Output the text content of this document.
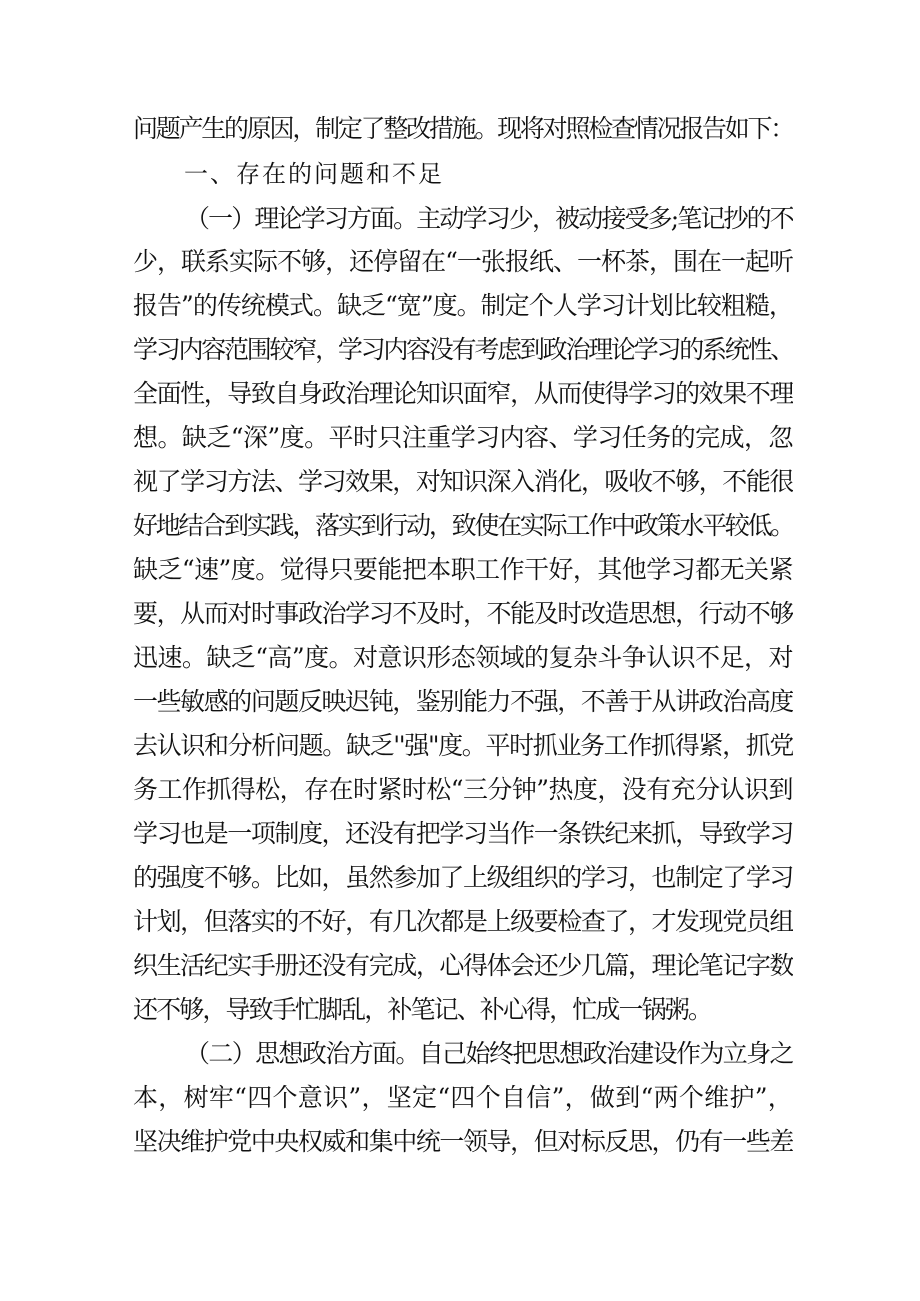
问题产生的原因，制定了整改措施。现将对照检查情况报告如下：
一、存在的问题和不足
（一）理论学习方面。主动学习少，被动接受多;笔记抄的不
少，联系实际不够，还停留在“一张报纸、一杯茶，围在一起听
报告”的传统模式。缺乏“宽”度。制定个人学习计划比较粗糙，
学习内容范围较窄，学习内容没有考虑到政治理论学习的系统性、
全面性，导致自身政治理论知识面窄，从而使得学习的效果不理
想。缺乏“深”度。平时只注重学习内容、学习任务的完成，忽
视了学习方法、学习效果，对知识深入消化，吸收不够，不能很
好地结合到实践，落实到行动，致使在实际工作中政策水平较低。
缺乏“速”度。觉得只要能把本职工作干好，其他学习都无关紧
要，从而对时事政治学习不及时，不能及时改造思想，行动不够
迅速。缺乏“高”度。对意识形态领域的复杂斗争认识不足，对
一些敏感的问题反映迟钝，鉴别能力不强，不善于从讲政治高度
去认识和分析问题。缺乏''强"度。平时抓业务工作抓得紧，抓党
务工作抓得松，存在时紧时松“三分钟”热度，没有充分认识到
学习也是一项制度，还没有把学习当作一条铁纪来抓，导致学习
的强度不够。比如，虽然参加了上级组织的学习，也制定了学习
计划，但落实的不好，有几次都是上级要检查了，才发现党员组
织生活纪实手册还没有完成，心得体会还少几篇，理论笔记字数
还不够，导致手忙脚乱，补笔记、补心得，忙成一锅粥。
（二）思想政治方面。自己始终把思想政治建设作为立身之
本，树牢“四个意识”，坚定“四个自信”，做到“两个维护”，
坚决维护党中央权威和集中统一领导，但对标反思，仍有一些差
